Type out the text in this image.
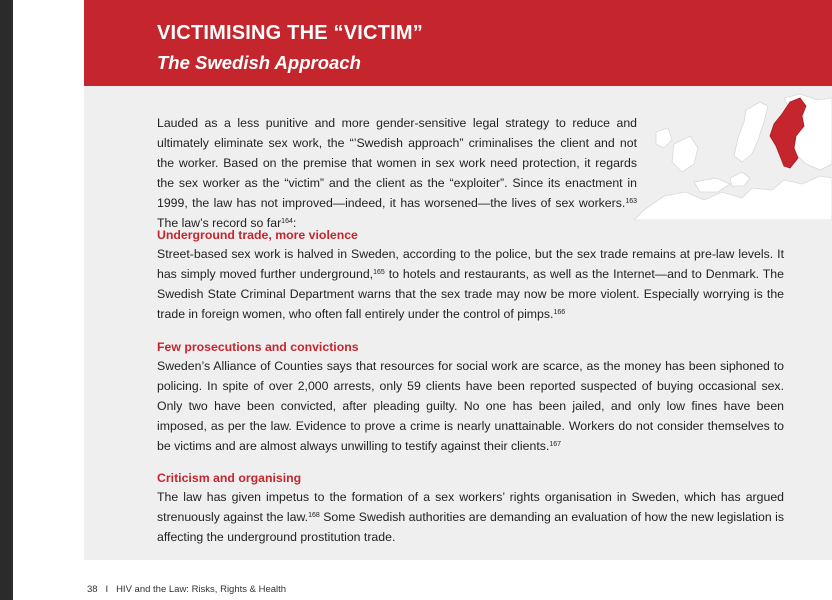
VICTIMISING THE “VICTIM”
The Swedish Approach

Lauded as a less punitive and more gender-sensitive legal strategy to reduce and ultimately eliminate sex work, the “’Swedish approach” criminalises the client and not the worker. Based on the premise that women in sex work need protection, it regards the sex worker as the “victim” and the client as the “exploiter”. Since its enactment in 1999, the law has not improved—indeed, it has worsened—the lives of sex workers.$^{163}$ The law’s record so far$^{164}$:

Underground trade, more violence

Street-based sex work is halved in Sweden, according to the police, but the sex trade remains at pre-law levels. It has simply moved further underground,$^{165}$ to hotels and restaurants, as well as the Internet—and to Denmark. The Swedish State Criminal Department warns that the sex trade may now be more violent. Especially worrying is the trade in foreign women, who often fall entirely under the control of pimps.$^{166}$

Few prosecutions and convictions

Sweden’s Alliance of Counties says that resources for social work are scarce, as the money has been siphoned to policing. In spite of over 2,000 arrests, only 59 clients have been reported suspected of buying occasional sex. Only two have been convicted, after pleading guilty. No one has been jailed, and only low fines have been imposed, as per the law. Evidence to prove a crime is nearly unattainable. Workers do not consider themselves to be victims and are almost always unwilling to testify against their clients.$^{167}$

Criticism and organising

The law has given impetus to the formation of a sex workers’ rights organisation in Sweden, which has argued strenuously against the law.$^{168}$ Some Swedish authorities are demanding an evaluation of how the new legislation is affecting the underground prostitution trade.

38 I HIV and the Law: Risks, Rights & Health
